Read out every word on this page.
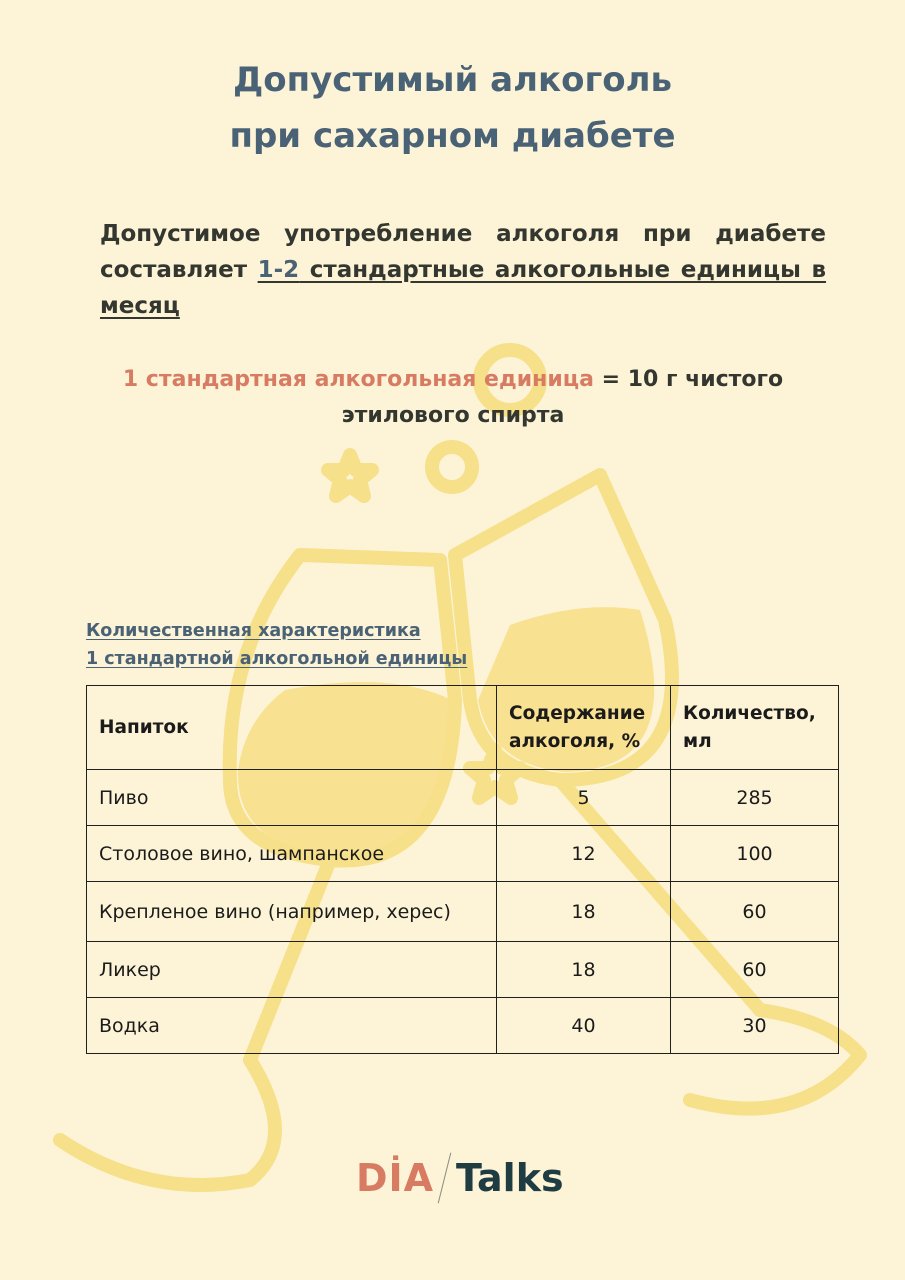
Допустимый алкоголь
при сахарном диабете
Допустимое употребление алкоголя при диабете составляет 1-2 стандартные алкогольные единицы в месяц
1 стандартная алкогольная единица = 10 г чистого этилового спирта
Количественная характеристика
1 стандартной алкогольной единицы
Напиток	Содержание алкоголя, %	Количество, мл
Пиво	5	285
Столовое вино, шампанское	12	100
Крепленое вино (например, херес)	18	60
Ликер	18	60
Водка	40	30
DİA Talks
